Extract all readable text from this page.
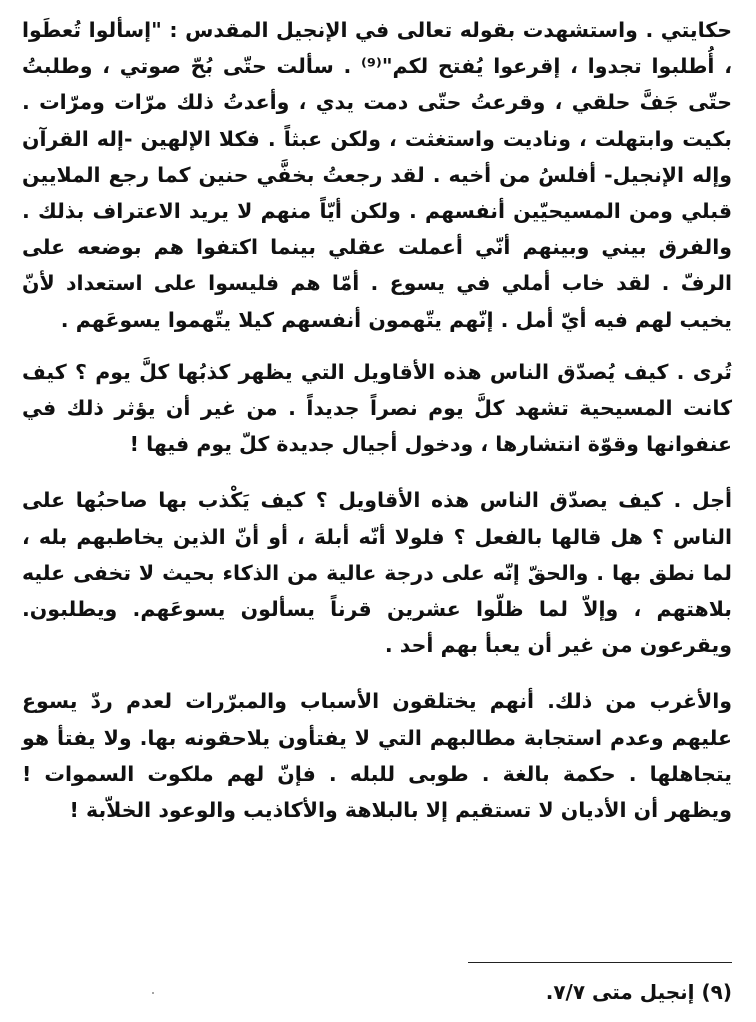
حكايتي . واستشهدت بقوله تعالى في الإنجيل المقدس : "إسألوا تُعطَوا ، أُطلبوا تجدوا ، إقرعوا يُفتح لكم"⁽⁹⁾ . سألت حتّى بُحّ صوتي ، وطلبتُ حتّى جَفَّ حلقي ، وقرعتُ حتّى دمت يدي ، وأعدتُ ذلك مرّات ومرّات . بكيت وابتهلت ، وناديت واستغثت ، ولكن عبثاً . فكلا الإلهين -إله القرآن وإله الإنجيل- أفلسُ من أخيه . لقد رجعتُ بخفَّي حنين كما رجع الملايين قبلي ومن المسيحيّين أنفسهم . ولكن أيّاً منهم لا يريد الاعتراف بذلك . والفرق بيني وبينهم أنّي أعملت عقلي بينما اكتفوا هم بوضعه على الرفّ . لقد خاب أملي في يسوع . أمّا هم فليسوا على استعداد لأنّ يخيب لهم فيه أيّ أمل . إنّهم يتّهمون أنفسهم كيلا يتّهموا يسوعَهم .

تُرى . كيف يُصدّق الناس هذه الأقاويل التي يظهر كذبُها كلَّ يوم ؟ كيف كانت المسيحية تشهد كلَّ يوم نصراً جديداً . من غير أن يؤثر ذلك في عنفوانها وقوّة انتشارها ، ودخول أجيال جديدة كلّ يوم فيها !

أجل . كيف يصدّق الناس هذه الأقاويل ؟ كيف يَكْذب بها صاحبُها على الناس ؟ هل قالها بالفعل ؟ فلولا أنّه أبلهَ ، أو أنّ الذين يخاطبهم بله ، لما نطق بها . والحقّ إنّه على درجة عالية من الذكاء بحيث لا تخفى عليه بلاهتهم ، وإلاّ لما ظلّوا عشرين قرناً يسألون يسوعَهم. ويطلبون. ويقرعون من غير أن يعبأ بهم أحد .

والأغرب من ذلك. أنهم يختلقون الأسباب والمبرّرات لعدم ردّ يسوع عليهم وعدم استجابة مطالبهم التي لا يفتأون يلاحقونه بها. ولا يفتأ هو يتجاهلها . حكمة بالغة . طوبى للبله . فإنّ لهم ملكوت السموات ! ويظهر أن الأديان لا تستقيم إلا بالبلاهة والأكاذيب والوعود الخلاّبة !

(٩) إنجيل متى ٧/٧.
